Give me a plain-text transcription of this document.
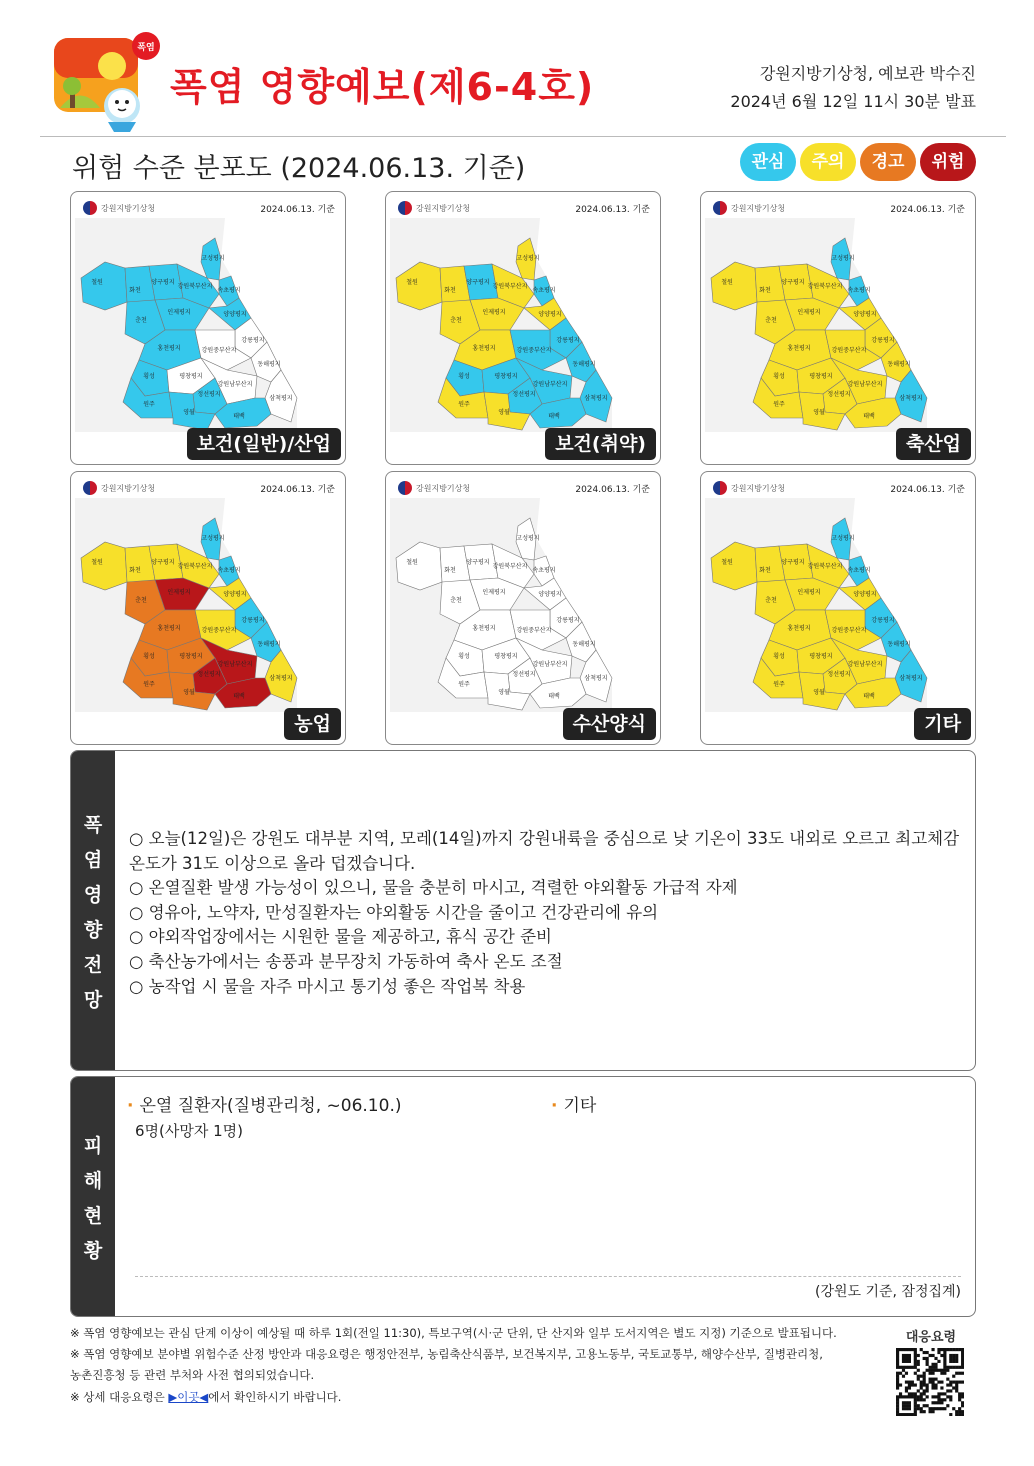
폭염
폭염 영향예보(제6-4호)	강원지방기상청, 예보관 박수진
2024년 6월 12일 11시 30분 발표
위험 수준 분포도 (2024.06.13. 기준)	관심	주의	경고	위험
강원지방기상청	2024.06.13. 기준
고성평지
철원
화천
양구평지
속초평지
강원북부산지
인제평지	양양평지
춘천
홍천평지
강릉평지
강원중부산지
횡성	평창평지
동해평지
강원남부산지
원주
정선평지
삼척평지
영월
태백
보건(일반)/산업
강원지방기상청	2024.06.13. 기준
고성평지
철원
화천
양구평지
속초평지
강원북부산지
인제평지	양양평지
춘천
홍천평지
강릉평지
강원중부산지
횡성	평창평지
동해평지
강원남부산지
원주
정선평지
삼척평지
영월
태백
보건(취약)
강원지방기상청	2024.06.13. 기준
고성평지
철원
화천
양구평지
속초평지
강원북부산지
인제평지	양양평지
춘천
홍천평지
강릉평지
강원중부산지
횡성	평창평지
동해평지
강원남부산지
원주
정선평지
삼척평지
영월
태백
축산업
강원지방기상청	2024.06.13. 기준
고성평지
철원
화천
양구평지
속초평지
강원북부산지
인제평지	양양평지
춘천
홍천평지
강릉평지
강원중부산지
횡성	평창평지
동해평지
강원남부산지
원주
정선평지
삼척평지
영월
태백
농업
강원지방기상청	2024.06.13. 기준
고성평지
철원
화천
양구평지
속초평지
강원북부산지
인제평지	양양평지
춘천
홍천평지
강릉평지
강원중부산지
횡성	평창평지
동해평지
강원남부산지
원주
정선평지
삼척평지
영월
태백
수산양식
강원지방기상청	2024.06.13. 기준
고성평지
철원
화천
양구평지
속초평지
강원북부산지
인제평지	양양평지
춘천
홍천평지
강릉평지
강원중부산지
횡성	평창평지
동해평지
강원남부산지
원주
정선평지
삼척평지
영월
태백
기타
폭
염
영
향
전
망
○ 오늘(12일)은 강원도 대부분 지역, 모레(14일)까지 강원내륙을 중심으로 낮 기온이 33도 내외로 오르고 최고체감온도가 31도 이상으로 올라 덥겠습니다.
○ 온열질환 발생 가능성이 있으니, 물을 충분히 마시고, 격렬한 야외활동 가급적 자제
○ 영유아, 노약자, 만성질환자는 야외활동 시간을 줄이고 건강관리에 유의
○ 야외작업장에서는 시원한 물을 제공하고, 휴식 공간 준비
○ 축산농가에서는 송풍과 분무장치 가동하여 축사 온도 조절
○ 농작업 시 물을 자주 마시고 통기성 좋은 작업복 착용
피
해
현
황
· 온열 질환자(질병관리청, ~06.10.)
6명(사망자 1명)
· 기타
(강원도 기준, 잠정집계)
※ 폭염 영향예보는 관심 단계 이상이 예상될 때 하루 1회(전일 11:30), 특보구역(시·군 단위, 단 산지와 일부 도서지역은 별도 지정) 기준으로 발표됩니다.
※ 폭염 영향예보 분야별 위험수준 산정 방안과 대응요령은 행정안전부, 농림축산식품부, 보건복지부, 고용노동부, 국토교통부, 해양수산부, 질병관리청,
농촌진흥청 등 관련 부처와 사전 협의되었습니다.
※ 상세 대응요령은 ▶이곳◀에서 확인하시기 바랍니다.
대응요령
